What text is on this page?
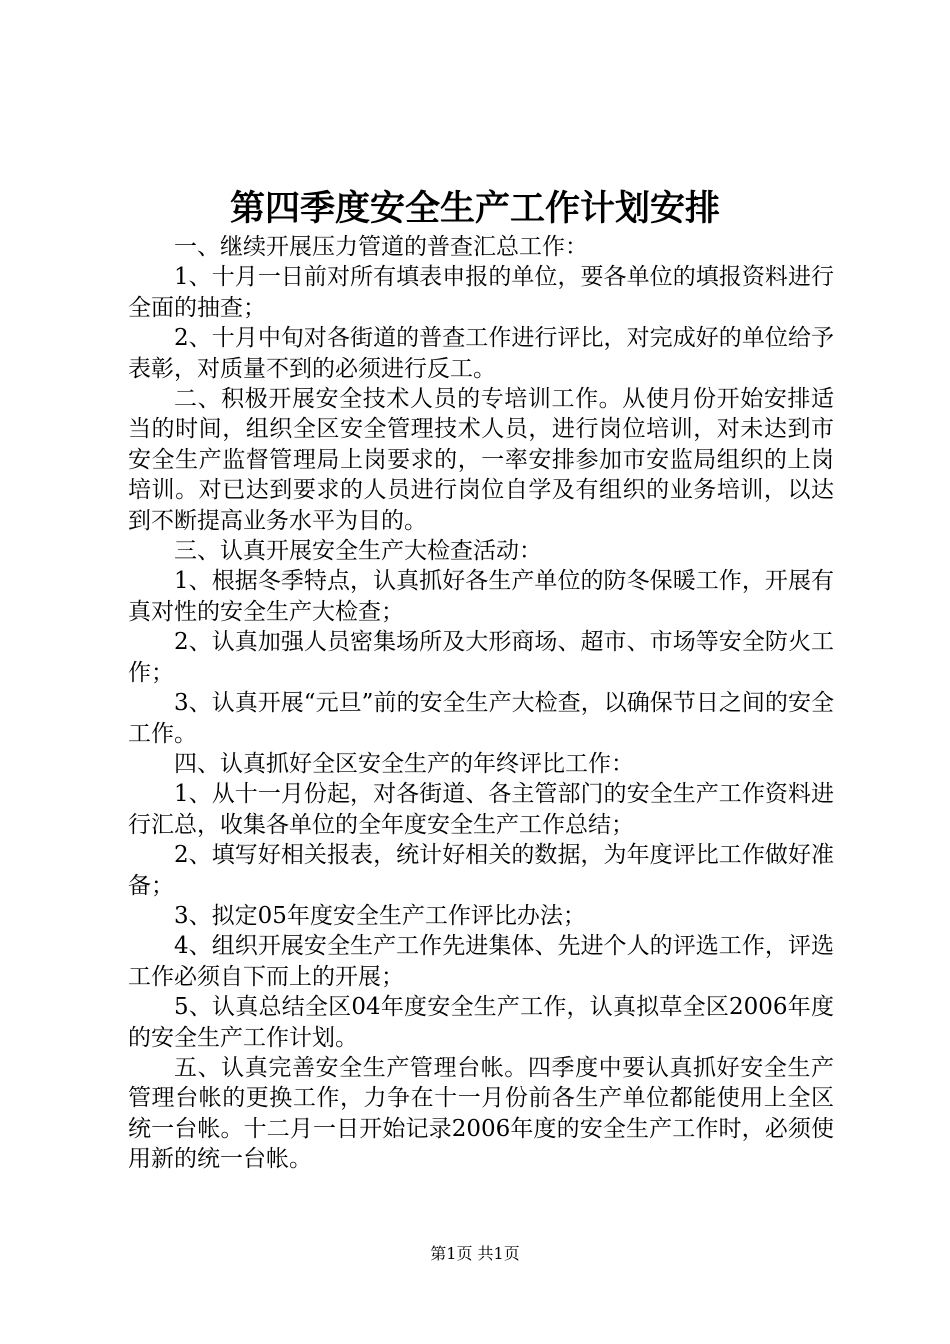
第四季度安全生产工作计划安排

一、继续开展压力管道的普查汇总工作：

1、十月一日前对所有填表申报的单位，要各单位的填报资料进行全面的抽查；

2、十月中旬对各街道的普查工作进行评比，对完成好的单位给予表彰，对质量不到的必须进行反工。

二、积极开展安全技术人员的专培训工作。从使月份开始安排适当的时间，组织全区安全管理技术人员，进行岗位培训，对未达到市安全生产监督管理局上岗要求的，一率安排参加市安监局组织的上岗培训。对已达到要求的人员进行岗位自学及有组织的业务培训，以达到不断提高业务水平为目的。

三、认真开展安全生产大检查活动：

1、根据冬季特点，认真抓好各生产单位的防冬保暖工作，开展有真对性的安全生产大检查；

2、认真加强人员密集场所及大形商场、超市、市场等安全防火工作；

3、认真开展“元旦”前的安全生产大检查，以确保节日之间的安全工作。

四、认真抓好全区安全生产的年终评比工作：

1、从十一月份起，对各街道、各主管部门的安全生产工作资料进行汇总，收集各单位的全年度安全生产工作总结；

2、填写好相关报表，统计好相关的数据，为年度评比工作做好准备；

3、拟定05年度安全生产工作评比办法；

4、组织开展安全生产工作先进集体、先进个人的评选工作，评选工作必须自下而上的开展；

5、认真总结全区04年度安全生产工作，认真拟草全区2006年度的安全生产工作计划。

五、认真完善安全生产管理台帐。四季度中要认真抓好安全生产管理台帐的更换工作，力争在十一月份前各生产单位都能使用上全区统一台帐。十二月一日开始记录2006年度的安全生产工作时，必须使用新的统一台帐。

第1页 共1页
